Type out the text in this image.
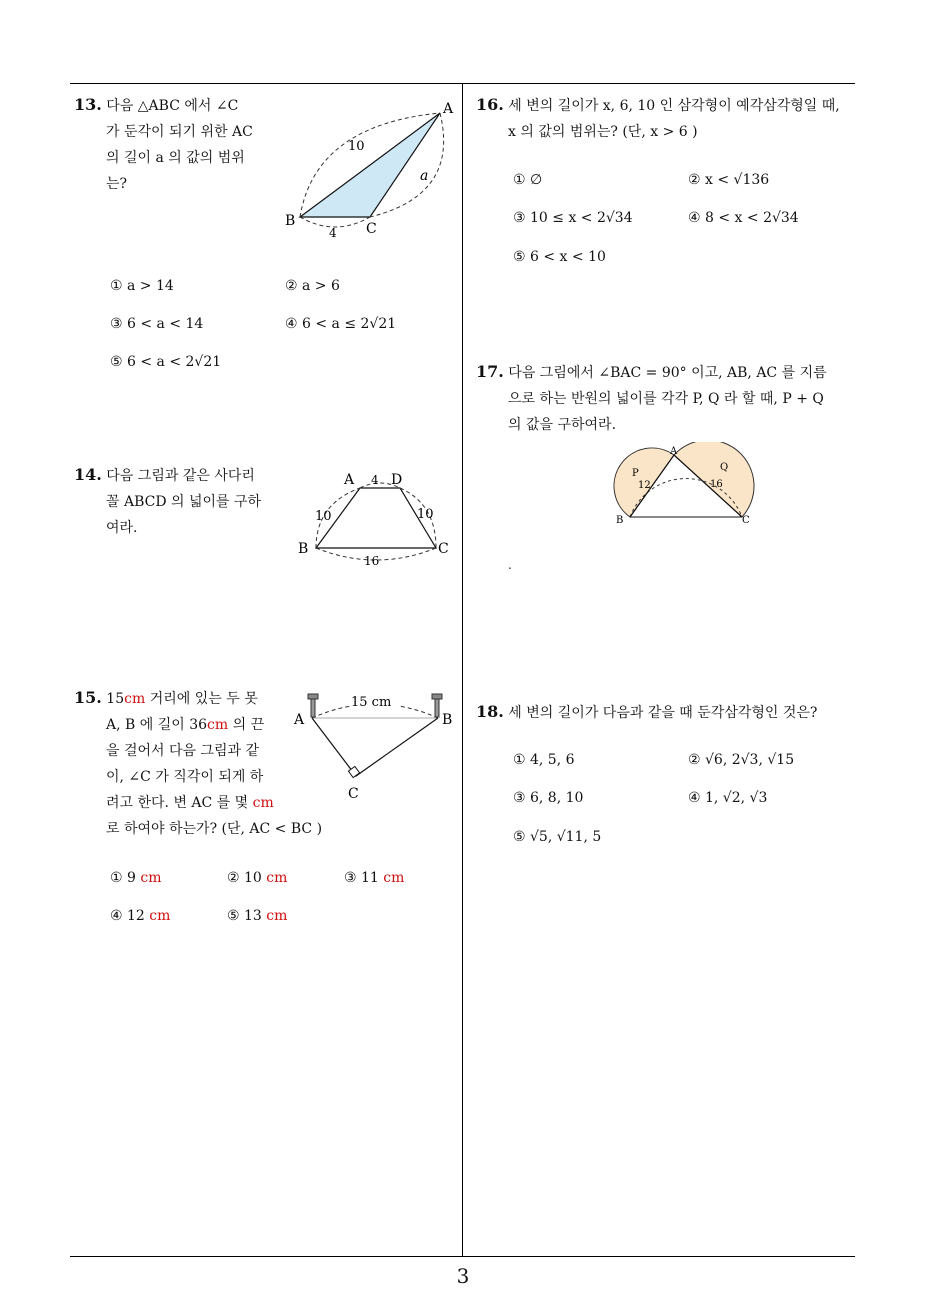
13. 다음 △ABC 에서 ∠C
가 둔각이 되기 위한 AC
의 길이 a 의 값의 범위
는?
A
B	C
10
4
a
① a > 14	② a > 6
③ 6 < a < 14	④ 6 < a ≤ 2√21
⑤ 6 < a < 2√21
14. 다음 그림과 같은 사다리
꼴 ABCD 의 넓이를 구하
여라.
A	D
B	C
4
10	10
16
15. 15cm 거리에 있는 두 못
A, B 에 길이 36cm 의 끈
을 걸어서 다음 그림과 같
이, ∠C 가 직각이 되게 하
려고 한다. 변 AC 를 몇 cm
로 하여야 하는가? (단, AC < BC )
15 cm
A	B
C
① 9 cm	② 10 cm	③ 11 cm
④ 12 cm	⑤ 13 cm
16. 세 변의 길이가 x, 6, 10 인 삼각형이 예각삼각형일 때,
x 의 값의 범위는? (단, x > 6 )
① ∅	② x < √136
③ 10 ≤ x < 2√34	④ 8 < x < 2√34
⑤ 6 < x < 10
17. 다음 그림에서 ∠BAC = 90° 이고, AB, AC 를 지름
으로 하는 반원의 넓이를 각각 P, Q 라 할 때, P + Q
의 값을 구하여라.
A
B	C
P
Q
12	16
.
18. 세 변의 길이가 다음과 같을 때 둔각삼각형인 것은?
① 4, 5, 6	② √6, 2√3, √15
③ 6, 8, 10	④ 1, √2, √3
⑤ √5, √11, 5
3
